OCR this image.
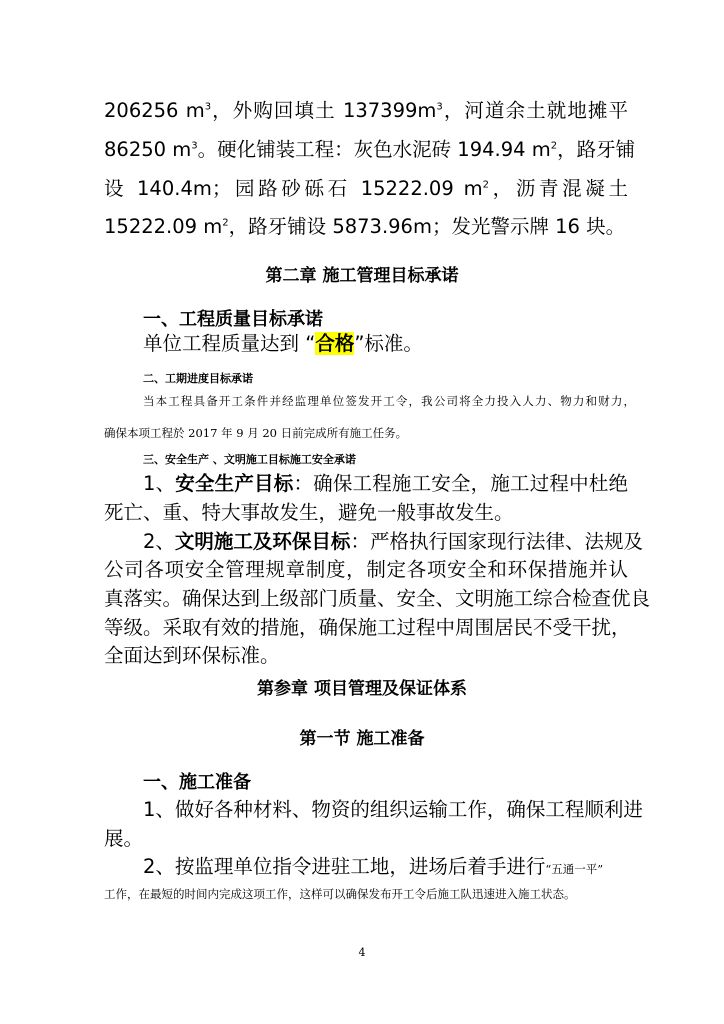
206256 $m^3$，外购回填土 $137399m^3$，河道余土就地摊平
86250 $m^3$。硬化铺装工程：灰色水泥砖 194.94 $m^2$，路牙铺
设 140.4m；园路砂砾石 15222.09 $m^2$，沥青混凝土
15222.09 $m^2$，路牙铺设 5873.96m；发光警示牌 16 块。
第二章 施工管理目标承诺
一、工程质量目标承诺
单位工程质量达到 “合格”标准。
二、工期进度目标承诺
当本工程具备开工条件并经监理单位签发开工令，我公司将全力投入人力、物力和财力，
确保本项工程於 2017 年 9 月 20 日前完成所有施工任务。
三、安全生产 、文明施工目标施工安全承诺
1、安全生产目标：确保工程施工安全，施工过程中杜绝
死亡、重、特大事故发生，避免一般事故发生。
2、文明施工及环保目标：严格执行国家现行法律、法规及
公司各项安全管理规章制度，制定各项安全和环保措施并认
真落实。确保达到上级部门质量、安全、文明施工综合检查优良
等级。采取有效的措施，确保施工过程中周围居民不受干扰，
全面达到环保标准。
第参章 项目管理及保证体系
第一节 施工准备
一、施工准备
1、做好各种材料、物资的组织运输工作，确保工程顺利进
展。
2、按监理单位指令进驻工地，进场后着手进行“五通一平”
工作，在最短的时间内完成这项工作，这样可以确保发布开工令后施工队迅速进入施工状态。
4
